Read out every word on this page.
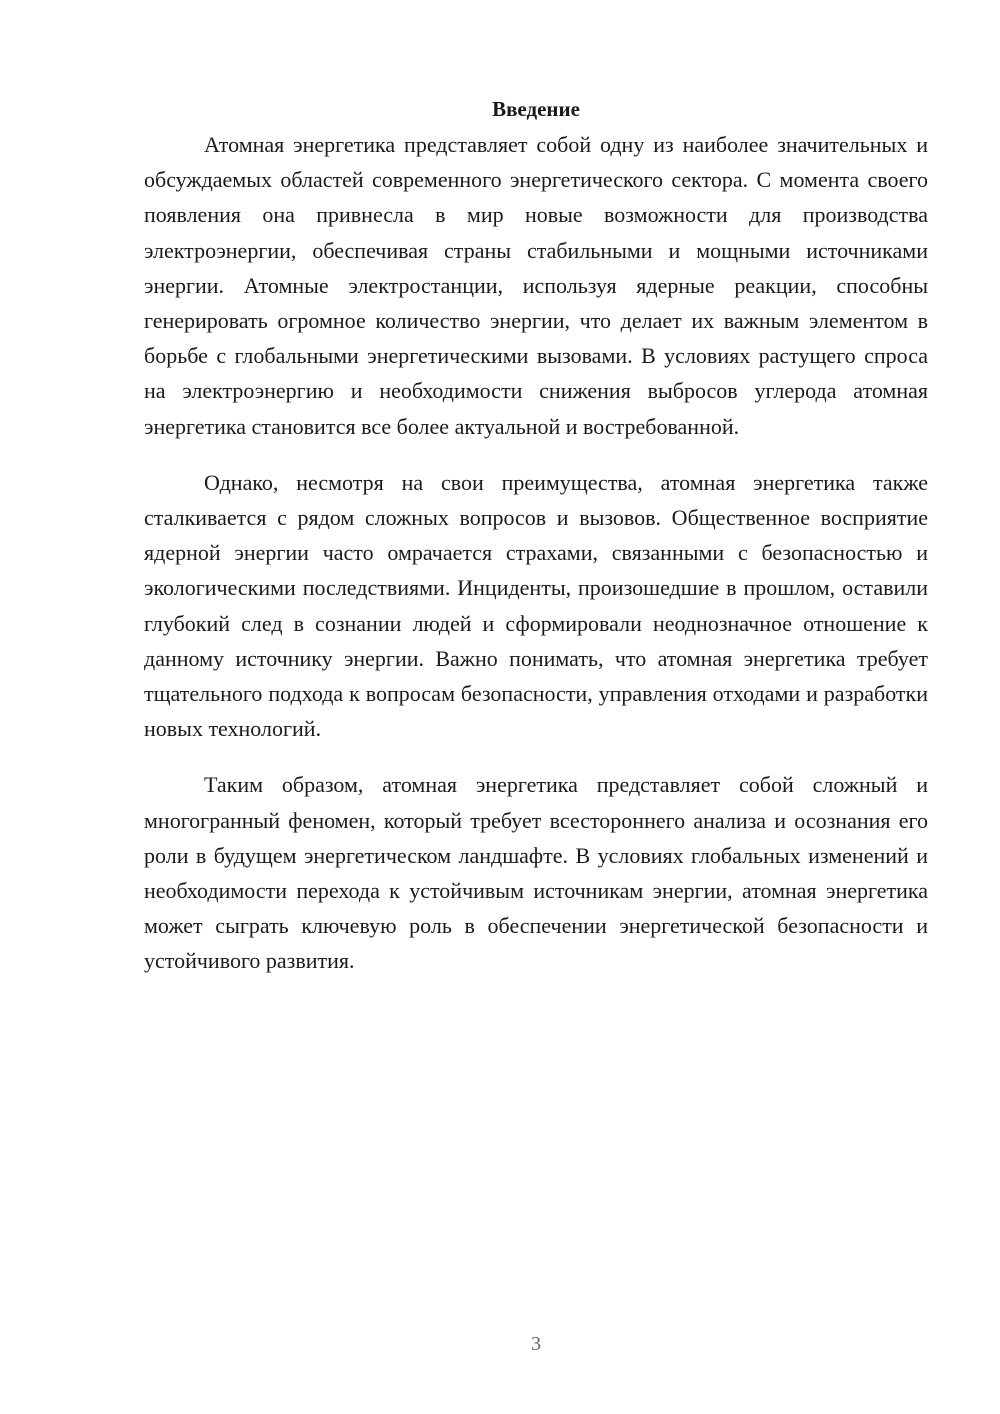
Введение

Атомная энергетика представляет собой одну из наиболее значительных и обсуждаемых областей современного энергетического сектора. С момента своего появления она привнесла в мир новые возможности для производства электроэнергии, обеспечивая страны стабильными и мощными источниками энергии. Атомные электростанции, используя ядерные реакции, способны генерировать огромное количество энергии, что делает их важным элементом в борьбе с глобальными энергетическими вызовами. В условиях растущего спроса на электроэнергию и необходимости снижения выбросов углерода атомная энергетика становится все более актуальной и востребованной.

Однако, несмотря на свои преимущества, атомная энергетика также сталкивается с рядом сложных вопросов и вызовов. Общественное восприятие ядерной энергии часто омрачается страхами, связанными с безопасностью и экологическими последствиями. Инциденты, произошедшие в прошлом, оставили глубокий след в сознании людей и сформировали неоднозначное отношение к данному источнику энергии. Важно понимать, что атомная энергетика требует тщательного подхода к вопросам безопасности, управления отходами и разработки новых технологий.

Таким образом, атомная энергетика представляет собой сложный и многогранный феномен, который требует всестороннего анализа и осознания его роли в будущем энергетическом ландшафте. В условиях глобальных изменений и необходимости перехода к устойчивым источникам энергии, атомная энергетика может сыграть ключевую роль в обеспечении энергетической безопасности и устойчивого развития.

3
